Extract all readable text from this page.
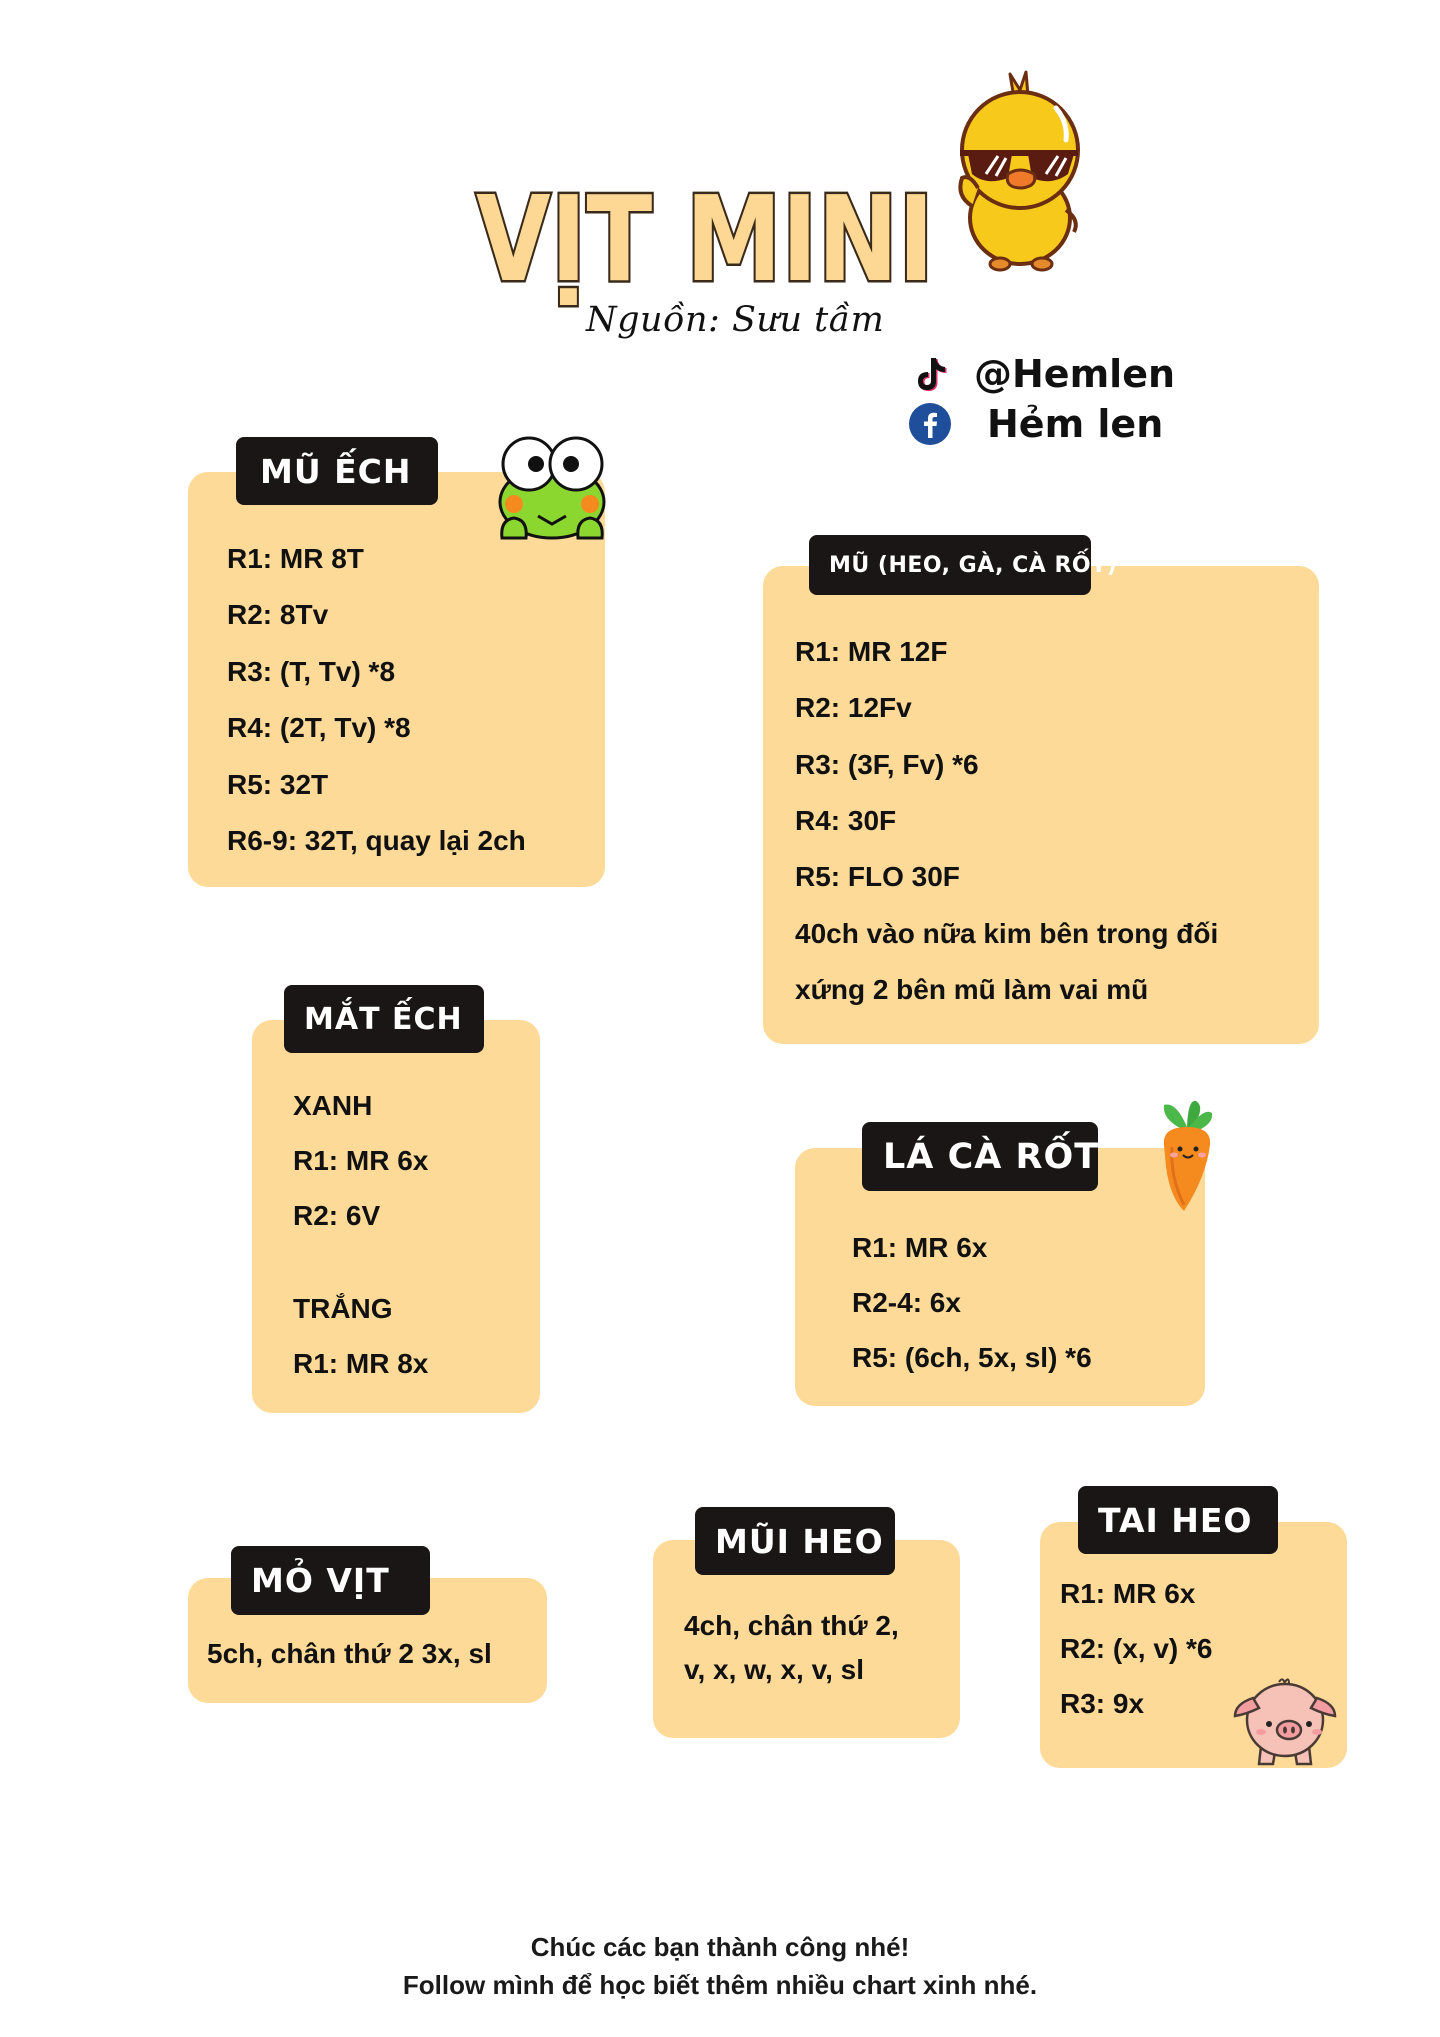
VỊT MINI
Nguồn: Sưu tầm
@Hemlen
Hẻm len
MŨ ẾCH
R1: MR 8T
R2: 8Tv
R3: (T, Tv) *8
R4: (2T, Tv) *8
R5: 32T
R6-9: 32T, quay lại 2ch
MŨ (HEO, GÀ, CÀ RỐT)
R1: MR 12F
R2: 12Fv
R3: (3F, Fv) *6
R4: 30F
R5: FLO 30F
40ch vào nữa kim bên trong đối
xứng 2 bên mũ làm vai mũ
MẮT ẾCH
XANH
R1: MR 6x
R2: 6V
TRẮNG
R1: MR 8x
LÁ CÀ RỐT
R1: MR 6x
R2-4: 6x
R5: (6ch, 5x, sl) *6
MỎ VỊT
5ch, chân thứ 2 3x, sl
MŨI HEO
4ch, chân thứ 2,
v, x, w, x, v, sl
TAI HEO
R1: MR 6x
R2: (x, v) *6
R3: 9x
Chúc các bạn thành công nhé!
Follow mình để học biết thêm nhiều chart xinh nhé.
